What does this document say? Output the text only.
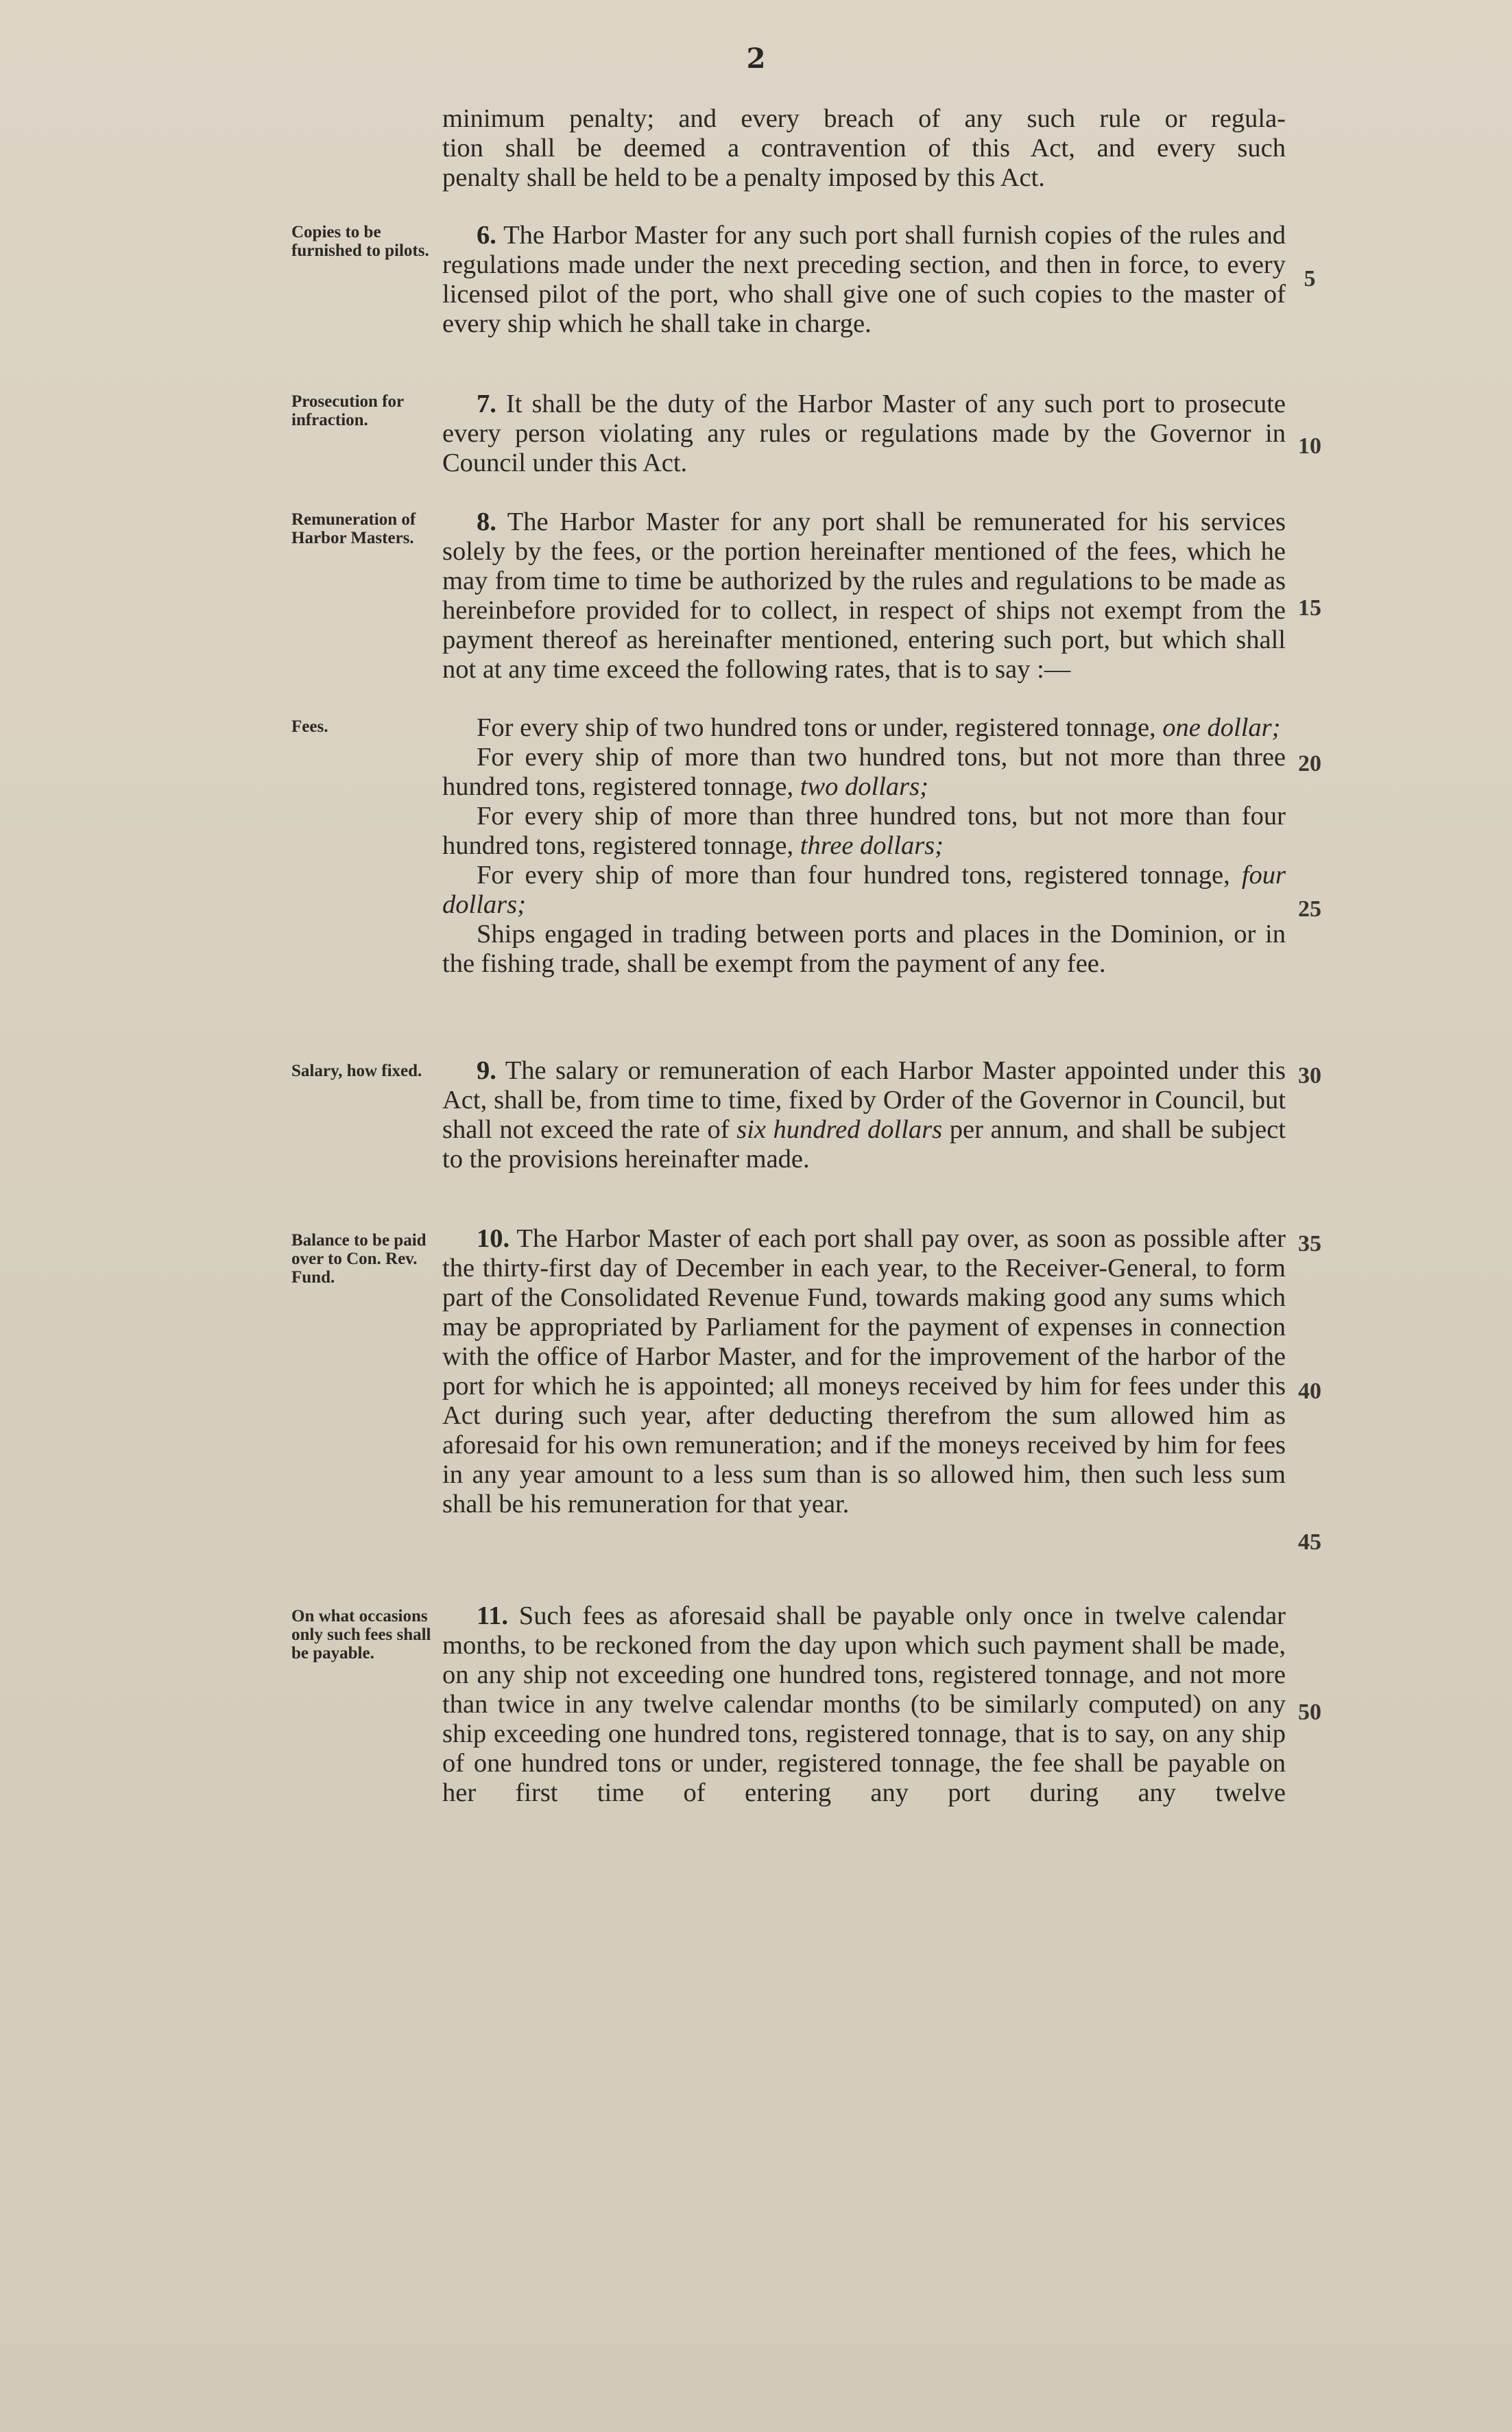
2

minimum penalty; and every breach of any such rule or regula-
tion shall be deemed a contravention of this Act, and every such
penalty shall be held to be a penalty imposed by this Act.

Copies to be furnished to pilots.

6. The Harbor Master for any such port shall furnish copies of the rules and regulations made under the next preceding section, and then in force, to every licensed pilot of the port, who shall give one of such copies to the master of every ship which he shall take in charge.

Prosecution for infraction.

7. It shall be the duty of the Harbor Master of any such port to prosecute every person violating any rules or regulations made by the Governor in Council under this Act.

Remuneration of Harbor Masters.

8. The Harbor Master for any port shall be remunerated for his services solely by the fees, or the portion hereinafter mentioned of the fees, which he may from time to time be authorized by the rules and regulations to be made as hereinbefore provided for to collect, in respect of ships not exempt from the payment thereof as hereinafter mentioned, entering such port, but which shall not at any time exceed the following rates, that is to say :—

Fees.	For every ship of two hundred tons or under, registered tonnage, one dollar;

For every ship of more than two hundred tons, but not more than three hundred tons, registered tonnage, two dollars;

For every ship of more than three hundred tons, but not more than four hundred tons, registered tonnage, three dollars;

For every ship of more than four hundred tons, registered tonnage, four dollars;

Ships engaged in trading between ports and places in the Dominion, or in the fishing trade, shall be exempt from the payment of any fee.

Salary, how fixed.	9. The salary or remuneration of each Harbor Master appointed under this Act, shall be, from time to time, fixed by Order of the Governor in Council, but shall not exceed the rate of six hundred dollars per annum, and shall be subject to the provisions hereinafter made.

Balance to be paid over to Con. Rev. Fund.

10. The Harbor Master of each port shall pay over, as soon as possible after the thirty-first day of December in each year, to the Receiver-General, to form part of the Consolidated Revenue Fund, towards making good any sums which may be appropriated by Parliament for the payment of expenses in connection with the office of Harbor Master, and for the improvement of the harbor of the port for which he is appointed; all moneys received by him for fees under this Act during such year, after deducting therefrom the sum allowed him as aforesaid for his own remuneration; and if the moneys received by him for fees in any year amount to a less sum than is so allowed him, then such less sum shall be his remuneration for that year.

On what occasions only such fees shall be payable.

11. Such fees as aforesaid shall be payable only once in twelve calendar months, to be reckoned from the day upon which such payment shall be made, on any ship not exceeding one hundred tons, registered tonnage, and not more than twice in any twelve calendar months (to be similarly computed) on any ship exceeding one hundred tons, registered tonnage, that is to say, on any ship of one hundred tons or under, registered tonnage, the fee shall be payable on her first time of entering any port during any twelve

5
10
15
20
25
30
35
40
45
50
